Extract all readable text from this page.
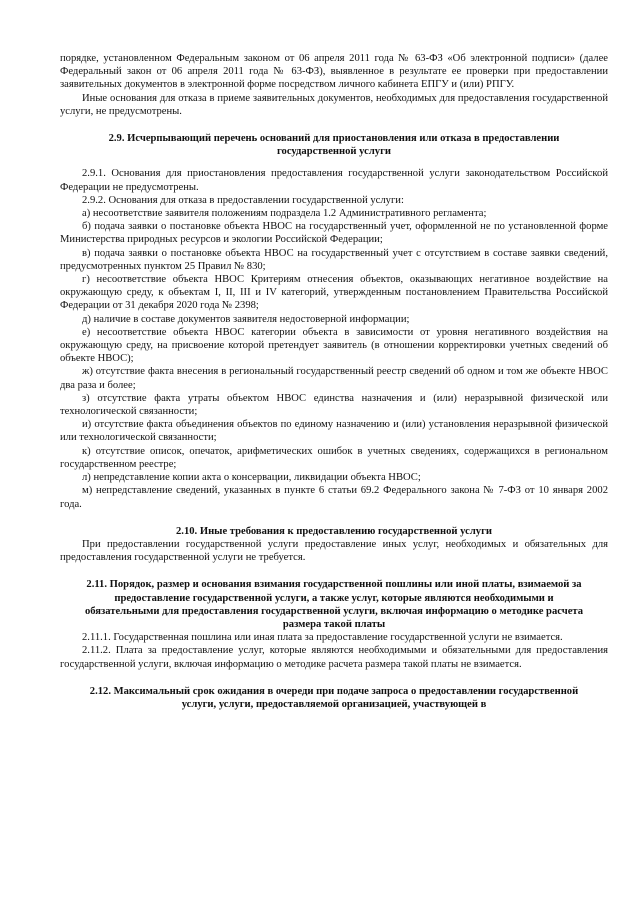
порядке, установленном Федеральным законом от 06 апреля 2011 года № 63-ФЗ «Об электронной подписи» (далее Федеральный закон от 06 апреля 2011 года № 63-ФЗ), выявленное в результате ее проверки при предоставлении заявительных документов в электронной форме посредством личного кабинета ЕПГУ и (или) РПГУ.

Иные основания для отказа в приеме заявительных документов, необходимых для предоставления государственной услуги, не предусмотрены.

2.9. Исчерпывающий перечень оснований для приостановления или отказа в предоставлении государственной услуги

2.9.1. Основания для приостановления предоставления государственной услуги законодательством Российской Федерации не предусмотрены.

2.9.2. Основания для отказа в предоставлении государственной услуги:

а) несоответствие заявителя положениям подраздела 1.2 Административного регламента;

б) подача заявки о постановке объекта НВОС на государственный учет, оформленной не по установленной форме Министерства природных ресурсов и экологии Российской Федерации;

в) подача заявки о постановке объекта НВОС на государственный учет с отсутствием в составе заявки сведений, предусмотренных пунктом 25 Правил № 830;

г) несоответствие объекта НВОС Критериям отнесения объектов, оказывающих негативное воздействие на окружающую среду, к объектам I, II, III и IV категорий, утвержденным постановлением Правительства Российской Федерации от 31 декабря 2020 года № 2398;

д) наличие в составе документов заявителя недостоверной информации;

е) несоответствие объекта НВОС категории объекта в зависимости от уровня негативного воздействия на окружающую среду, на присвоение которой претендует заявитель (в отношении корректировки учетных сведений об объекте НВОС);

ж) отсутствие факта внесения в региональный государственный реестр сведений об одном и том же объекте НВОС два раза и более;

з) отсутствие факта утраты объектом НВОС единства назначения и (или) неразрывной физической или технологической связанности;

и) отсутствие факта объединения объектов по единому назначению и (или) установления неразрывной физической или технологической связанности;

к) отсутствие описок, опечаток, арифметических ошибок в учетных сведениях, содержащихся в региональном государственном реестре;

л) непредставление копии акта о консервации, ликвидации объекта НВОС;

м) непредставление сведений, указанных в пункте 6 статьи 69.2 Федерального закона № 7-ФЗ от 10 января 2002 года.

2.10. Иные требования к предоставлению государственной услуги

При предоставлении государственной услуги предоставление иных услуг, необходимых и обязательных для предоставления государственной услуги не требуется.

2.11. Порядок, размер и основания взимания государственной пошлины или иной платы, взимаемой за предоставление государственной услуги, а также услуг, которые являются необходимыми и обязательными для предоставления государственной услуги, включая информацию о методике расчета размера такой платы

2.11.1. Государственная пошлина или иная плата за предоставление государственной услуги не взимается.

2.11.2. Плата за предоставление услуг, которые являются необходимыми и обязательными для предоставления государственной услуги, включая информацию о методике расчета размера такой платы не взимается.

2.12. Максимальный срок ожидания в очереди при подаче запроса о предоставлении государственной услуги, услуги, предоставляемой организацией, участвующей в
